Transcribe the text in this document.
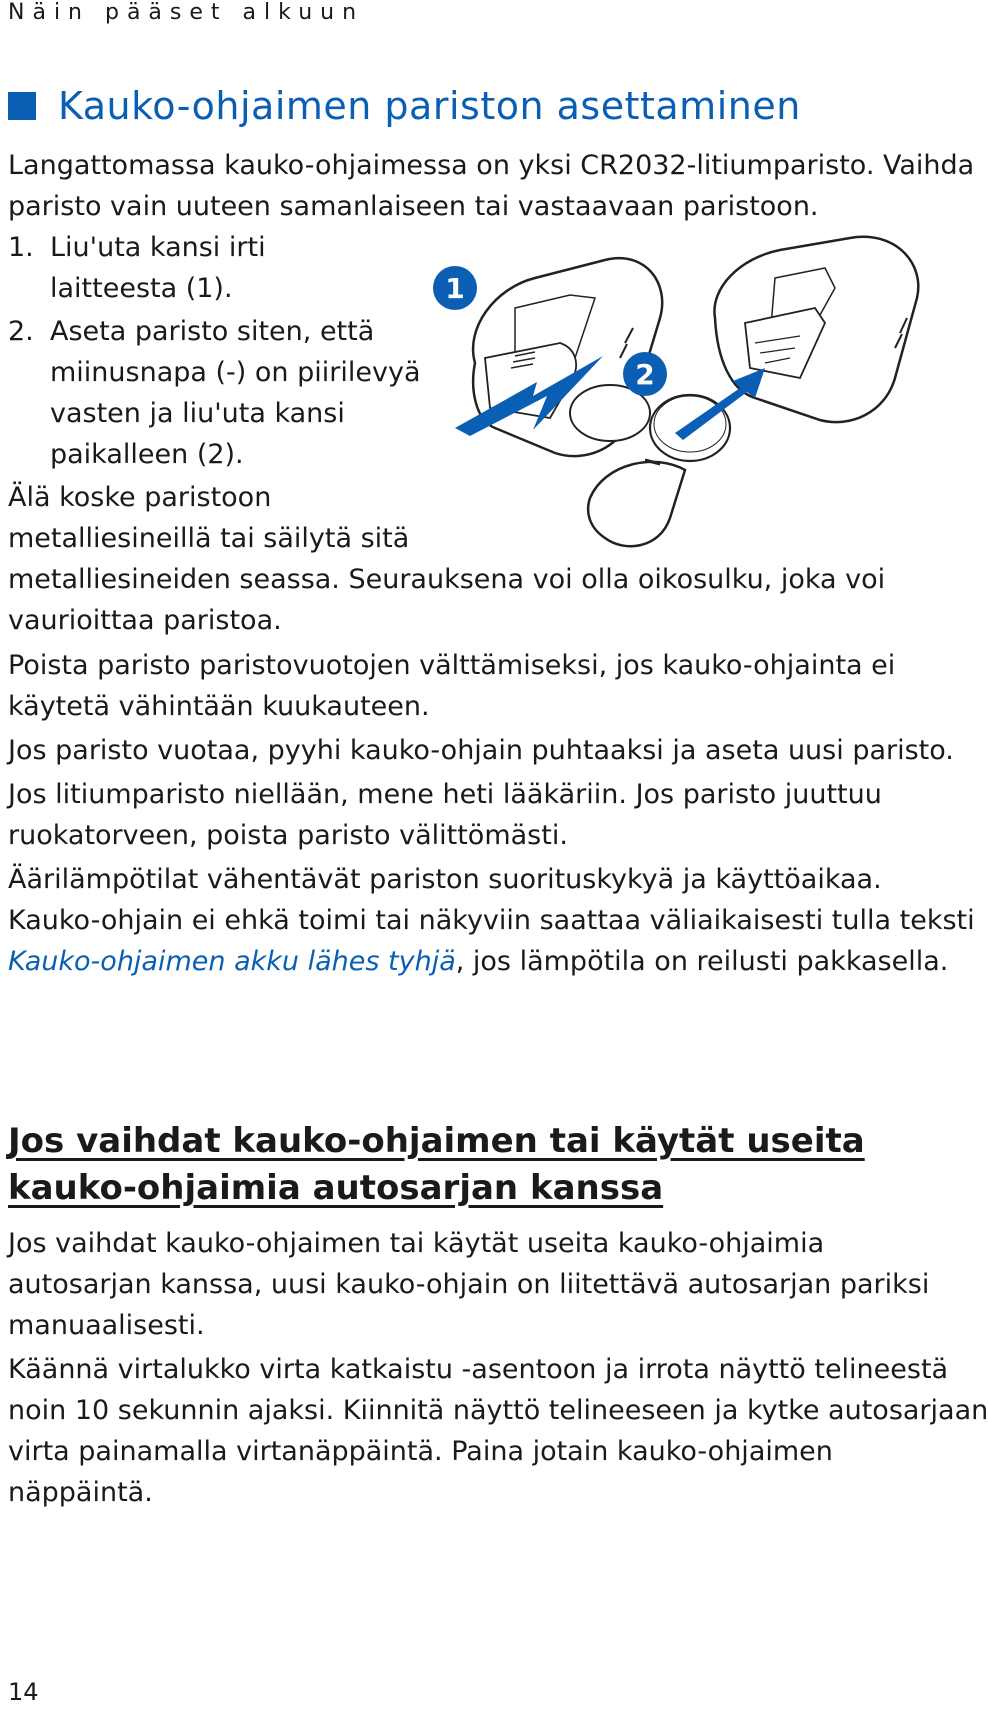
Näin pääset alkuun
Kauko-ohjaimen pariston asettaminen

Langattomassa kauko-ohjaimessa on yksi CR2032-litiumparisto. Vaihda

paristo vain uuteen samanlaiseen tai vastaavaan paristoon.

1. Liu'uta kansi irti

laitteesta (1).

2. Aseta paristo siten, että

miinusnapa (-) on piirilevyä

vasten ja liu'uta kansi

paikalleen (2).

Älä koske paristoon

metalliesineillä tai säilytä sitä

metalliesineiden seassa. Seurauksena voi olla oikosulku, joka voi

vaurioittaa paristoa.

Poista paristo paristovuotojen välttämiseksi, jos kauko-ohjainta ei

käytetä vähintään kuukauteen.

Jos paristo vuotaa, pyyhi kauko-ohjain puhtaaksi ja aseta uusi paristo.

Jos litiumparisto niellään, mene heti lääkäriin. Jos paristo juuttuu

ruokatorveen, poista paristo välittömästi.

Äärilämpötilat vähentävät pariston suorituskykyä ja käyttöaikaa.

Kauko-ohjain ei ehkä toimi tai näkyviin saattaa väliaikaisesti tulla teksti

Kauko-ohjaimen akku lähes tyhjä, jos lämpötila on reilusti pakkasella.

Jos vaihdat kauko-ohjaimen tai käytät useita
kauko-ohjaimia autosarjan kanssa

Jos vaihdat kauko-ohjaimen tai käytät useita kauko-ohjaimia

autosarjan kanssa, uusi kauko-ohjain on liitettävä autosarjan pariksi

manuaalisesti.

Käännä virtalukko virta katkaistu -asentoon ja irrota näyttö telineestä

noin 10 sekunnin ajaksi. Kiinnitä näyttö telineeseen ja kytke autosarjaan

virta painamalla virtanäppäintä. Paina jotain kauko-ohjaimen

näppäintä.

1
2
14
